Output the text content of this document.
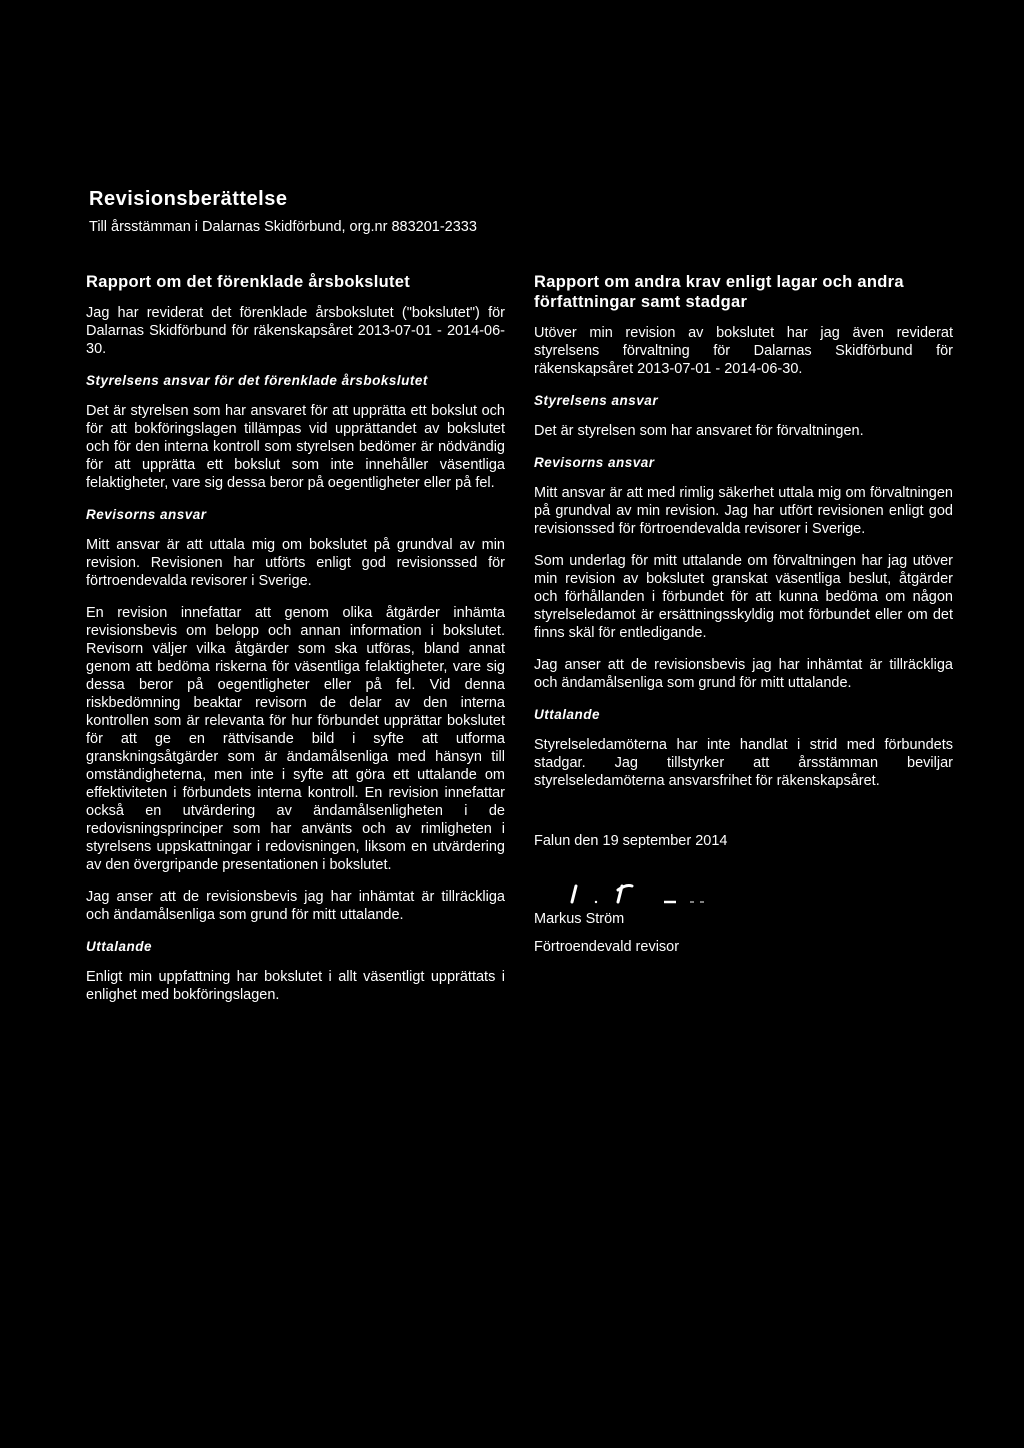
Revisionsberättelse
Till årsstämman i Dalarnas Skidförbund, org.nr 883201-2333
Rapport om det förenklade årsbokslutet

Jag har reviderat det förenklade årsbokslutet ("bokslutet") för Dalarnas Skidförbund för räkenskapsåret 2013-07-01 - 2014-06-30.

Styrelsens ansvar för det förenklade årsbokslutet

Det är styrelsen som har ansvaret för att upprätta ett bokslut och för att bokföringslagen tillämpas vid upprättandet av bokslutet och för den interna kontroll som styrelsen bedömer är nödvändig för att upprätta ett bokslut som inte innehåller väsentliga felaktigheter, vare sig dessa beror på oegentligheter eller på fel.

Revisorns ansvar

Mitt ansvar är att uttala mig om bokslutet på grundval av min revision. Revisionen har utförts enligt god revisionssed för förtroendevalda revisorer i Sverige.

En revision innefattar att genom olika åtgärder inhämta revisionsbevis om belopp och annan information i bokslutet. Revisorn väljer vilka åtgärder som ska utföras, bland annat genom att bedöma riskerna för väsentliga felaktigheter, vare sig dessa beror på oegentligheter eller på fel. Vid denna riskbedömning beaktar revisorn de delar av den interna kontrollen som är relevanta för hur förbundet upprättar bokslutet för att ge en rättvisande bild i syfte att utforma granskningsåtgärder som är ändamålsenliga med hänsyn till omständigheterna, men inte i syfte att göra ett uttalande om effektiviteten i förbundets interna kontroll. En revision innefattar också en utvärdering av ändamålsenligheten i de redovisningsprinciper som har använts och av rimligheten i styrelsens uppskattningar i redovisningen, liksom en utvärdering av den övergripande presentationen i bokslutet.

Jag anser att de revisionsbevis jag har inhämtat är tillräckliga och ändamålsenliga som grund för mitt uttalande.

Uttalande

Enligt min uppfattning har bokslutet i allt väsentligt upprättats i enlighet med bokföringslagen.

Rapport om andra krav enligt lagar och andra författningar samt stadgar

Utöver min revision av bokslutet har jag även reviderat styrelsens förvaltning för Dalarnas Skidförbund för räkenskapsåret 2013-07-01 - 2014-06-30.

Styrelsens ansvar

Det är styrelsen som har ansvaret för förvaltningen.

Revisorns ansvar

Mitt ansvar är att med rimlig säkerhet uttala mig om förvaltningen på grundval av min revision. Jag har utfört revisionen enligt god revisionssed för förtroendevalda revisorer i Sverige.

Som underlag för mitt uttalande om förvaltningen har jag utöver min revision av bokslutet granskat väsentliga beslut, åtgärder och förhållanden i förbundet för att kunna bedöma om någon styrelseledamot är ersättningsskyldig mot förbundet eller om det finns skäl för entledigande.

Jag anser att de revisionsbevis jag har inhämtat är tillräckliga och ändamålsenliga som grund för mitt uttalande.

Uttalande

Styrelseledamöterna har inte handlat i strid med förbundets stadgar. Jag tillstyrker att årsstämman beviljar styrelseledamöterna ansvarsfrihet för räkenskapsåret.

Falun den 19 september 2014

Markus Ström

Förtroendevald revisor
